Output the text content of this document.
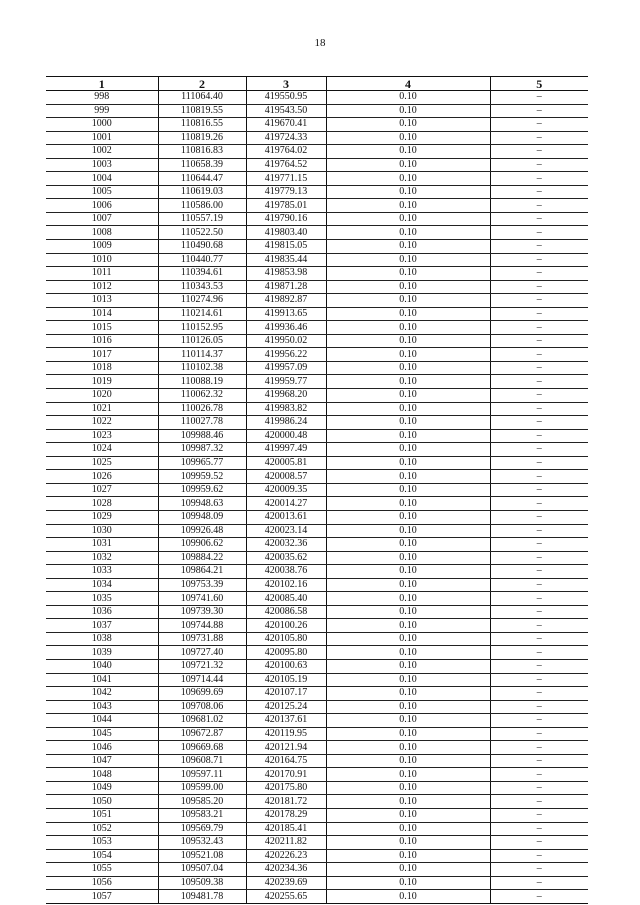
18
1	2	3	4	5
998	111064.40	419550.95	0.10	–
999	110819.55	419543.50	0.10	–
1000	110816.55	419670.41	0.10	–
1001	110819.26	419724.33	0.10	–
1002	110816.83	419764.02	0.10	–
1003	110658.39	419764.52	0.10	–
1004	110644.47	419771.15	0.10	–
1005	110619.03	419779.13	0.10	–
1006	110586.00	419785.01	0.10	–
1007	110557.19	419790.16	0.10	–
1008	110522.50	419803.40	0.10	–
1009	110490.68	419815.05	0.10	–
1010	110440.77	419835.44	0.10	–
1011	110394.61	419853.98	0.10	–
1012	110343.53	419871.28	0.10	–
1013	110274.96	419892.87	0.10	–
1014	110214.61	419913.65	0.10	–
1015	110152.95	419936.46	0.10	–
1016	110126.05	419950.02	0.10	–
1017	110114.37	419956.22	0.10	–
1018	110102.38	419957.09	0.10	–
1019	110088.19	419959.77	0.10	–
1020	110062.32	419968.20	0.10	–
1021	110026.78	419983.82	0.10	–
1022	110027.78	419986.24	0.10	–
1023	109988.46	420000.48	0.10	–
1024	109987.32	419997.49	0.10	–
1025	109965.77	420005.81	0.10	–
1026	109959.52	420008.57	0.10	–
1027	109959.62	420009.35	0.10	–
1028	109948.63	420014.27	0.10	–
1029	109948.09	420013.61	0.10	–
1030	109926.48	420023.14	0.10	–
1031	109906.62	420032.36	0.10	–
1032	109884.22	420035.62	0.10	–
1033	109864.21	420038.76	0.10	–
1034	109753.39	420102.16	0.10	–
1035	109741.60	420085.40	0.10	–
1036	109739.30	420086.58	0.10	–
1037	109744.88	420100.26	0.10	–
1038	109731.88	420105.80	0.10	–
1039	109727.40	420095.80	0.10	–
1040	109721.32	420100.63	0.10	–
1041	109714.44	420105.19	0.10	–
1042	109699.69	420107.17	0.10	–
1043	109708.06	420125.24	0.10	–
1044	109681.02	420137.61	0.10	–
1045	109672.87	420119.95	0.10	–
1046	109669.68	420121.94	0.10	–
1047	109608.71	420164.75	0.10	–
1048	109597.11	420170.91	0.10	–
1049	109599.00	420175.80	0.10	–
1050	109585.20	420181.72	0.10	–
1051	109583.21	420178.29	0.10	–
1052	109569.79	420185.41	0.10	–
1053	109532.43	420211.82	0.10	–
1054	109521.08	420226.23	0.10	–
1055	109507.04	420234.36	0.10	–
1056	109509.38	420239.69	0.10	–
1057	109481.78	420255.65	0.10	–
